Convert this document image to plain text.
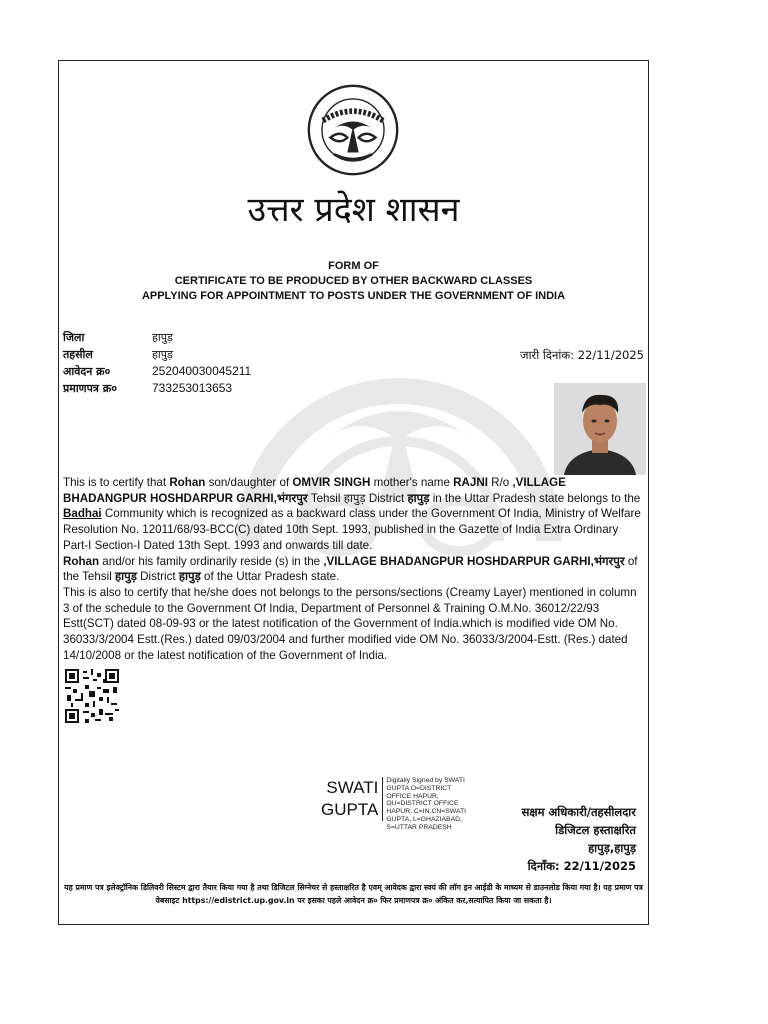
उत्तर प्रदेश शासन
FORM OF
CERTIFICATE TO BE PRODUCED BY OTHER BACKWARD CLASSES
APPLYING FOR APPOINTMENT TO POSTS UNDER THE GOVERNMENT OF INDIA
जिला	हापुड़
तहसील	हापुड़
आवेदन क्र०	252040030045211
प्रमाणपत्र क्र०	733253013653
जारी दिनांक: 22/11/2025
This is to certify that Rohan son/daughter of OMVIR SINGH mother's name RAJNI R/o ,VILLAGE BHADANGPUR HOSHDARPUR GARHI,भंगरपुर Tehsil हापुड़ District हापुड़ in the Uttar Pradesh state belongs to the Badhai Community which is recognized as a backward class under the Government Of India, Ministry of Welfare Resolution No. 12011/68/93-BCC(C) dated 10th Sept. 1993, published in the Gazette of India Extra Ordinary Part-I Section-I Dated 13th Sept. 1993 and onwards till date.
Rohan and/or his family ordinarily reside (s) in the ,VILLAGE BHADANGPUR HOSHDARPUR GARHI,भंगरपुर of the Tehsil हापुड़ District हापुड़ of the Uttar Pradesh state.
This is also to certify that he/she does not belongs to the persons/sections (Creamy Layer) mentioned in column 3 of the schedule to the Government Of India, Department of Personnel & Training O.M.No. 36012/22/93 Estt(SCT) dated 08-09-93 or the latest notification of the Government of India.which is modified vide OM No. 36033/3/2004 Estt.(Res.) dated 09/03/2004 and further modified vide OM No. 36033/3/2004-Estt. (Res.) dated 14/10/2008 or the latest notification of the Government of India.
SWATI
GUPTA
Digitally Signed by SWATI GUPTA O=DISTRICT OFFICE HAPUR, OU=DISTRICT OFFICE HAPUR, C=IN,CN=SWATI GUPTA, L=GHAZIABAD, S=UTTAR PRADESH
सक्षम अधिकारी/तहसीलदार
डिजिटल हस्ताक्षरित
हापुड़,हापुड़
दिनाँक: 22/11/2025
यह प्रमाण पत्र इलेक्ट्रॉनिक डिलिवरी सिस्टम द्वारा तैयार किया गया है तथा डिजिटल सिग्नेचर से हस्ताक्षरित है एवम् आवेदक द्वारा स्वयं की लॉग इन आईडी के माध्यम से डाउनलोड किया गया है। यह प्रमाण पत्र वेबसाइट https://edistrict.up.gov.in पर इसका पहले आवेदन क्र० फिर प्रमाणपत्र क्र० अंकित कर,सत्यापित किया जा सकता है।
